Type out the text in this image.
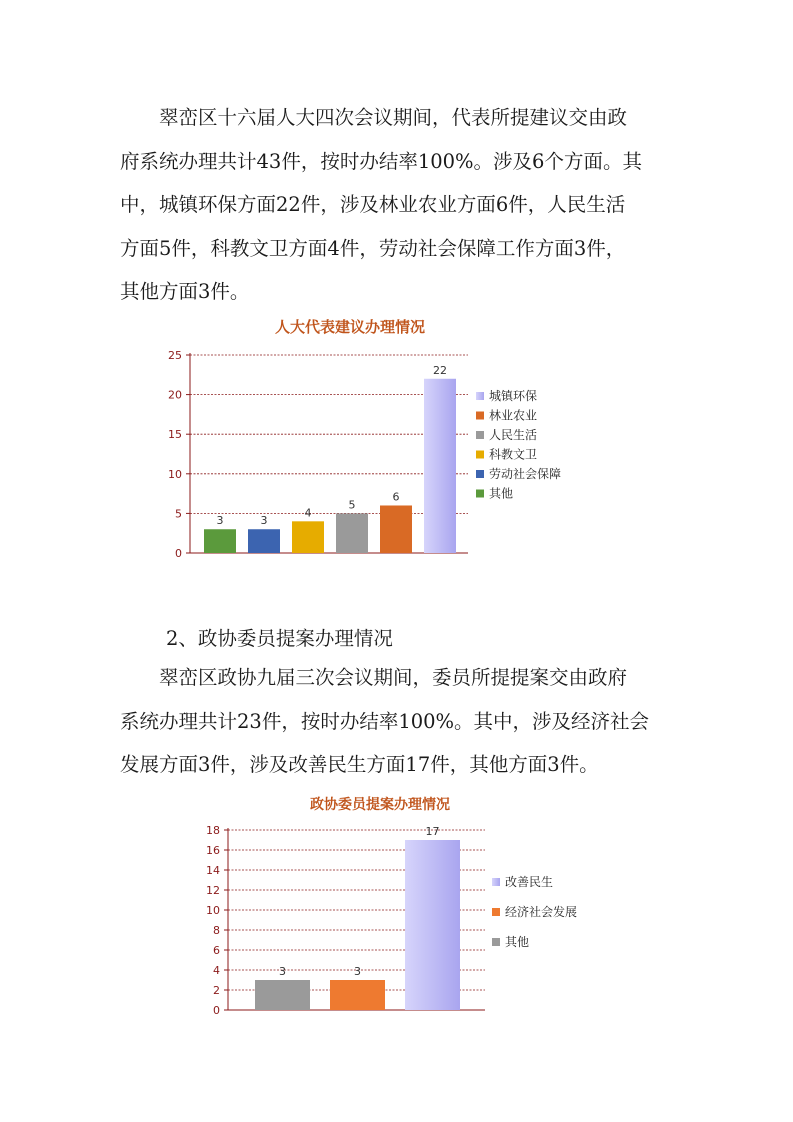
　　翠峦区十六届人大四次会议期间，代表所提建议交由政
府系统办理共计43件，按时办结率100%。涉及6个方面。其
中，城镇环保方面22件，涉及林业农业方面6件，人民生活
方面5件，科教文卫方面4件，劳动社会保障工作方面3件，
其他方面3件。
人大代表建议办理情况
0
5
10
15
20
25
3	3
4
5
6
22
城镇环保
林业农业
人民生活
科教文卫
劳动社会保障
其他
2、政协委员提案办理情况
　　翠峦区政协九届三次会议期间，委员所提提案交由政府
系统办理共计23件，按时办结率100%。其中，涉及经济社会
发展方面3件，涉及改善民生方面17件，其他方面3件。
政协委员提案办理情况
0
2
4
6
8
10
12
14
16
18
3	3
17
改善民生
经济社会发展
其他
